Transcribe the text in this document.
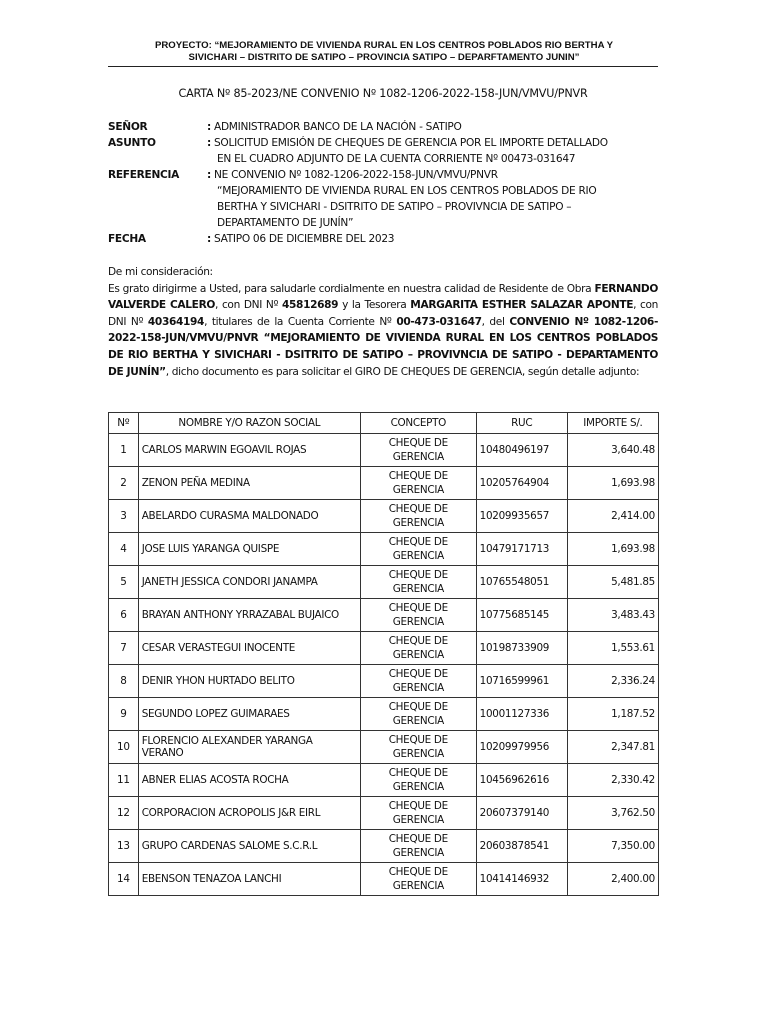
PROYECTO: “MEJORAMIENTO DE VIVIENDA RURAL EN LOS CENTROS POBLADOS RIO BERTHA Y
SIVICHARI – DISTRITO DE SATIPO – PROVINCIA SATIPO – DEPARFTAMENTO JUNIN”
CARTA Nº 85-2023/NE CONVENIO Nº 1082-1206-2022-158-JUN/VMVU/PNVR
SEÑOR	: ADMINISTRADOR BANCO DE LA NACIÓN - SATIPO
ASUNTO	: SOLICITUD EMISIÓN DE CHEQUES DE GERENCIA POR EL IMPORTE DETALLADO
EN EL CUADRO ADJUNTO DE LA CUENTA CORRIENTE Nº 00473-031647
REFERENCIA	: NE CONVENIO Nº 1082-1206-2022-158-JUN/VMVU/PNVR
“MEJORAMIENTO DE VIVIENDA RURAL EN LOS CENTROS POBLADOS DE RIO
BERTHA Y SIVICHARI - DSITRITO DE SATIPO – PROVIVNCIA DE SATIPO –
DEPARTAMENTO DE JUNÍN”
FECHA	: SATIPO 06 DE DICIEMBRE DEL 2023

De mi consideración:

Es grato dirigirme a Usted, para saludarle cordialmente en nuestra calidad de Residente de Obra FERNANDO VALVERDE CALERO, con DNI Nº 45812689 y la Tesorera MARGARITA ESTHER SALAZAR APONTE, con DNI Nº 40364194, titulares de la Cuenta Corriente Nº 00-473-031647, del CONVENIO Nº 1082-1206-2022-158-JUN/VMVU/PNVR “MEJORAMIENTO DE VIVIENDA RURAL EN LOS CENTROS POBLADOS DE RIO BERTHA Y SIVICHARI - DSITRITO DE SATIPO – PROVIVNCIA DE SATIPO - DEPARTAMENTO DE JUNÍN”, dicho documento es para solicitar el GIRO DE CHEQUES DE GERENCIA, según detalle adjunto:

Nº	NOMBRE Y/O RAZON SOCIAL	CONCEPTO	RUC	IMPORTE S/.
1	CARLOS MARWIN EGOAVIL ROJAS	CHEQUE DE GERENCIA	10480496197	3,640.48
2	ZENON PEÑA MEDINA	CHEQUE DE GERENCIA	10205764904	1,693.98
3	ABELARDO CURASMA MALDONADO	CHEQUE DE GERENCIA	10209935657	2,414.00
4	JOSE LUIS YARANGA QUISPE	CHEQUE DE GERENCIA	10479171713	1,693.98
5	JANETH JESSICA CONDORI JANAMPA	CHEQUE DE GERENCIA	10765548051	5,481.85
6	BRAYAN ANTHONY YRRAZABAL BUJAICO	CHEQUE DE GERENCIA	10775685145	3,483.43
7	CESAR VERASTEGUI INOCENTE	CHEQUE DE GERENCIA	10198733909	1,553.61
8	DENIR YHON HURTADO BELITO	CHEQUE DE GERENCIA	10716599961	2,336.24
9	SEGUNDO LOPEZ GUIMARAES	CHEQUE DE GERENCIA	10001127336	1,187.52
10	FLORENCIO ALEXANDER YARANGA VERANO	CHEQUE DE GERENCIA	10209979956	2,347.81
11	ABNER ELIAS ACOSTA ROCHA	CHEQUE DE GERENCIA	10456962616	2,330.42
12	CORPORACION ACROPOLIS J&R EIRL	CHEQUE DE GERENCIA	20607379140	3,762.50
13	GRUPO CARDENAS SALOME S.C.R.L	CHEQUE DE GERENCIA	20603878541	7,350.00
14	EBENSON TENAZOA LANCHI	CHEQUE DE GERENCIA	10414146932	2,400.00
